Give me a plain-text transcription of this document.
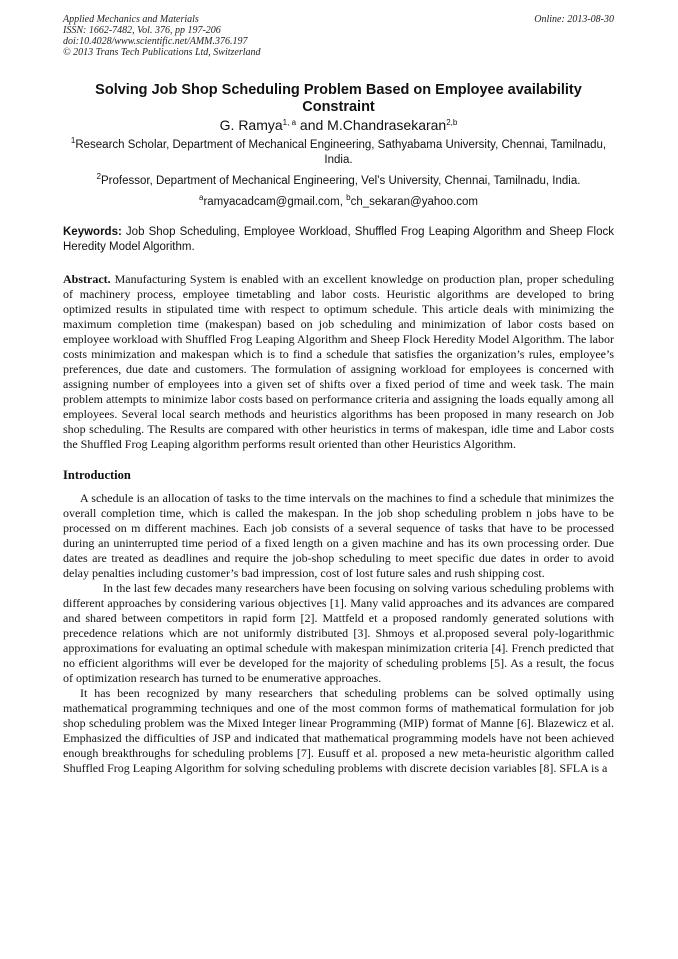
Applied Mechanics and Materials	Online: 2013-08-30
ISSN: 1662-7482, Vol. 376, pp 197-206
doi:10.4028/www.scientific.net/AMM.376.197
© 2013 Trans Tech Publications Ltd, Switzerland
Solving Job Shop Scheduling Problem Based on Employee availability Constraint
G. Ramya$^{1, a}$ and M.Chandrasekaran$^{2,b}$
$^1$Research Scholar, Department of Mechanical Engineering, Sathyabama University, Chennai, Tamilnadu, India.
$^2$Professor, Department of Mechanical Engineering, Vel’s University, Chennai, Tamilnadu, India.
$^a$ramyacadcam@gmail.com, $^b$ch_sekaran@yahoo.com
Keywords: Job Shop Scheduling, Employee Workload, Shuffled Frog Leaping Algorithm and Sheep Flock Heredity Model Algorithm.
Abstract. Manufacturing System is enabled with an excellent knowledge on production plan, proper scheduling of machinery process, employee timetabling and labor costs. Heuristic algorithms are developed to bring optimized results in stipulated time with respect to optimum schedule. This article deals with minimizing the maximum completion time (makespan) based on job scheduling and minimization of labor costs based on employee workload with Shuffled Frog Leaping Algorithm and Sheep Flock Heredity Model Algorithm. The labor costs minimization and makespan which is to find a schedule that satisfies the organization’s rules, employee’s preferences, due date and customers. The formulation of assigning workload for employees is concerned with assigning number of employees into a given set of shifts over a fixed period of time and week task. The main problem attempts to minimize labor costs based on performance criteria and assigning the loads equally among all employees. Several local search methods and heuristics algorithms has been proposed in many research on Job shop scheduling. The Results are compared with other heuristics in terms of makespan, idle time and Labor costs the Shuffled Frog Leaping algorithm performs result oriented than other Heuristics Algorithm.
Introduction

A schedule is an allocation of tasks to the time intervals on the machines to find a schedule that minimizes the overall completion time, which is called the makespan. In the job shop scheduling problem n jobs have to be processed on m different machines. Each job consists of a several sequence of tasks that have to be processed during an uninterrupted time period of a fixed length on a given machine and has its own processing order. Due dates are treated as deadlines and require the job-shop scheduling to meet specific due dates in order to avoid delay penalties including customer’s bad impression, cost of lost future sales and rush shipping cost.

In the last few decades many researchers have been focusing on solving various scheduling problems with different approaches by considering various objectives [1]. Many valid approaches and its advances are compared and shared between competitors in rapid form [2]. Mattfeld et a proposed randomly generated solutions with precedence relations which are not uniformly distributed [3]. Shmoys et al.proposed several poly-logarithmic approximations for evaluating an optimal schedule with makespan minimization criteria [4]. French predicted that no efficient algorithms will ever be developed for the majority of scheduling problems [5]. As a result, the focus of optimization research has turned to be enumerative approaches.

It has been recognized by many researchers that scheduling problems can be solved optimally using mathematical programming techniques and one of the most common forms of mathematical formulation for job shop scheduling problem was the Mixed Integer linear Programming (MIP) format of Manne [6]. Blazewicz et al. Emphasized the difficulties of JSP and indicated that mathematical programming models have not been achieved enough breakthroughs for scheduling problems [7]. Eusuff et al. proposed a new meta-heuristic algorithm called Shuffled Frog Leaping Algorithm for solving scheduling problems with discrete decision variables [8]. SFLA is a
